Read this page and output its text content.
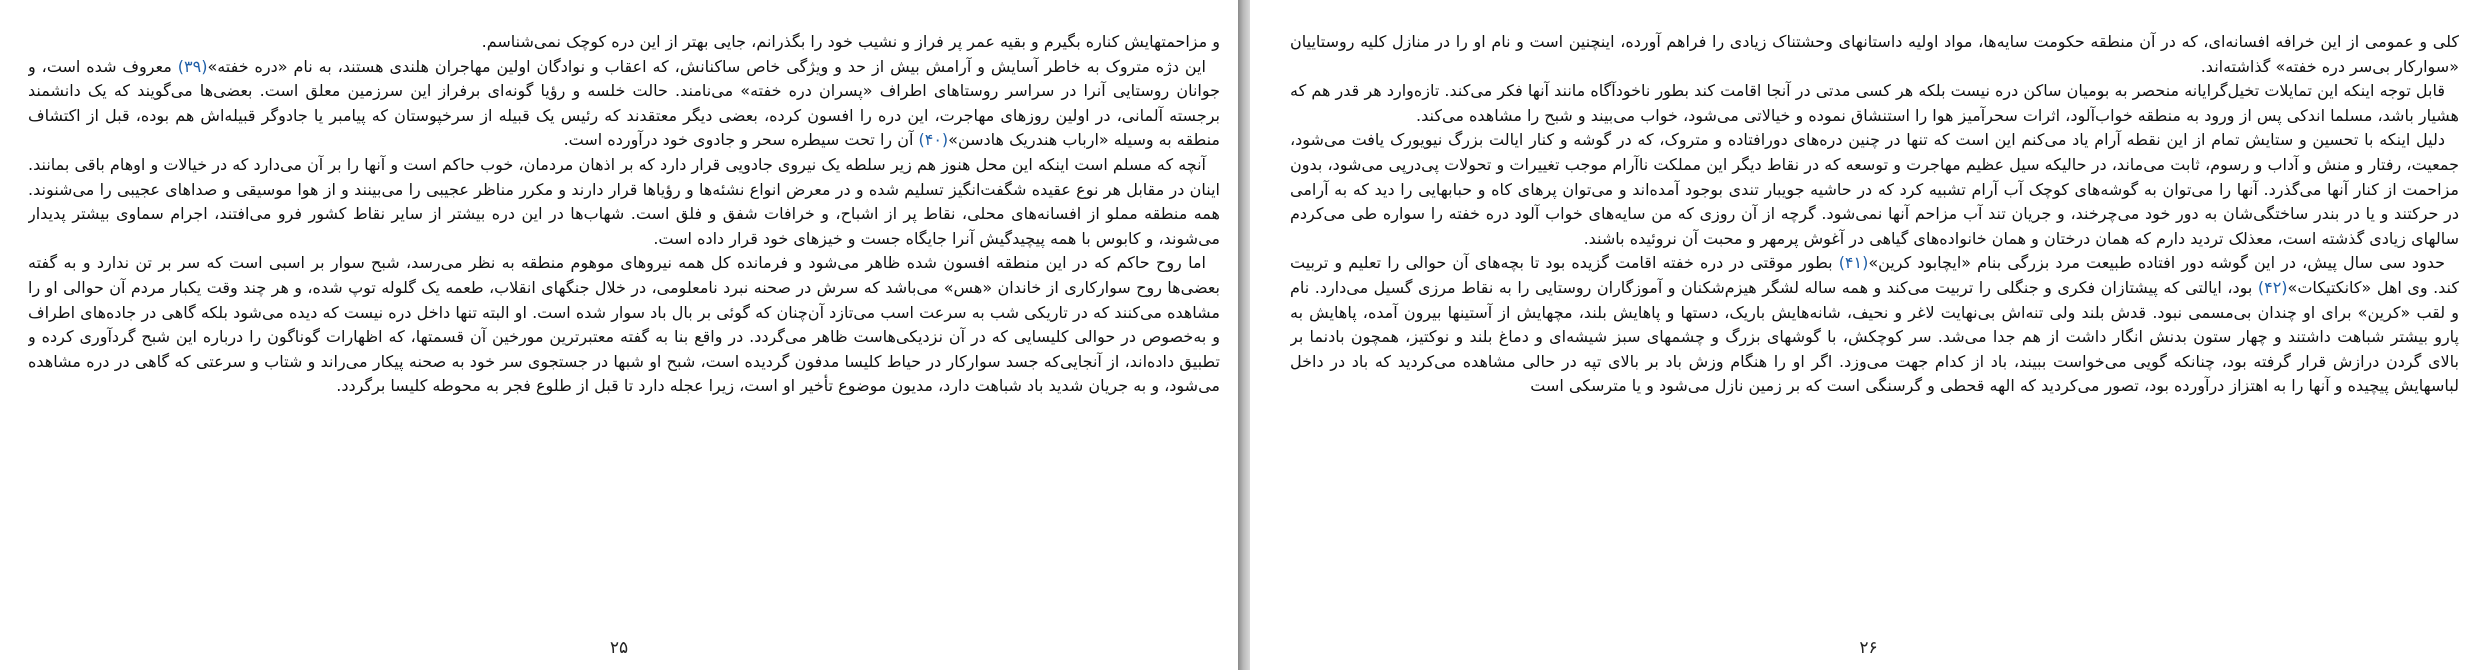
و مزاحمتهایش کناره بگیرم و بقیه عمر پر فراز و نشیب خود را بگذرانم، جایی بهتر از این دره کوچک نمی‌شناسم.

این دژه متروک به خاطر آسایش و آرامش بیش از حد و ویژگی خاص ساکنانش، که اعقاب و نوادگان اولین مهاجران هلندی هستند، به نام «دره خفته»(۳۹) معروف شده است، و جوانان روستایی آنرا در سراسر روستاهای اطراف «پسران دره خفته» می‌نامند. حالت خلسه و رؤیا گونه‌ای برفراز این سرزمین معلق است. بعضی‌ها می‌گویند که یک دانشمند برجسته آلمانی، در اولین روزهای مهاجرت، این دره را افسون کرده، بعضی دیگر معتقدند که رئیس یک قبیله از سرخپوستان که پیامبر یا جادوگر قبیله‌اش هم بوده، قبل از اکتشاف منطقه به وسیله «ارباب هندریک هادسن»(۴۰) آن را تحت سیطره سحر و جادوی خود درآورده است.

آنچه که مسلم است اینکه این محل هنوز هم زیر سلطه یک نیروی جادویی قرار دارد که بر اذهان مردمان، خوب حاکم است و آنها را بر آن می‌دارد که در خیالات و اوهام باقی بمانند. اینان در مقابل هر نوع عقیده شگفت‌انگیز تسلیم شده و در معرض انواع نشئه‌ها و رؤیاها قرار دارند و مکرر مناظر عجیبی را می‌بینند و از هوا موسیقی و صداهای عجیبی را می‌شنوند. همه منطقه مملو از افسانه‌های محلی، نقاط پر از اشباح، و خرافات شفق و فلق است. شهاب‌ها در این دره بیشتر از سایر نقاط کشور فرو می‌افتند، اجرام سماوی بیشتر پدیدار می‌شوند، و کابوس با همه پیچیدگیش آنرا جایگاه جست و خیزهای خود قرار داده است.

اما روح حاکم که در این منطقه افسون شده ظاهر می‌شود و فرمانده کل همه نیروهای موهوم منطقه به نظر می‌رسد، شبح سوار بر اسبی است که سر بر تن ندارد و به گفته بعضی‌ها روح سوارکاری از خاندان «هس» می‌باشد که سرش در صحنه نبرد نامعلومی، در خلال جنگهای انقلاب، طعمه یک گلوله توپ شده، و هر چند وقت یکبار مردم آن حوالی او را مشاهده می‌کنند که در تاریکی شب به سرعت اسب می‌تازد آن‌چنان که گوئی بر بال باد سوار شده است. او البته تنها داخل دره نیست که دیده می‌شود بلکه گاهی در جاده‌های اطراف و به‌خصوص در حوالی کلیسایی که در آن نزدیکی‌هاست ظاهر می‌گردد. در واقع بنا به گفته معتبرترین مورخین آن قسمتها، که اظهارات گوناگون را درباره این شبح گردآوری کرده و تطبیق داده‌اند، از آنجایی‌که جسد سوارکار در حیاط کلیسا مدفون گردیده است، شبح او شبها در جستجوی سر خود به صحنه پیکار می‌راند و شتاب و سرعتی که گاهی در دره مشاهده می‌شود، و به جریان شدید باد شباهت دارد، مدیون موضوع تأخیر او است، زیرا عجله دارد تا قبل از طلوع فجر به محوطه کلیسا برگردد.

۲۵

کلی و عمومی از این خرافه افسانه‌ای، که در آن منطقه حکومت سایه‌ها، مواد اولیه داستانهای وحشتناک زیادی را فراهم آورده، اینچنین است و نام او را در منازل کلیه روستاییان «سوارکار بی‌سر دره خفته» گذاشته‌اند.

قابل توجه اینکه این تمایلات تخیل‌گرایانه منحصر به بومیان ساکن دره نیست بلکه هر کسی مدتی در آنجا اقامت کند بطور ناخودآگاه مانند آنها فکر می‌کند. تازه‌وارد هر قدر هم که هشیار باشد، مسلما اندکی پس از ورود به منطقه خواب‌آلود، اثرات سحرآمیز هوا را استنشاق نموده و خیالاتی می‌شود، خواب می‌بیند و شبح را مشاهده می‌کند.

دلیل اینکه با تحسین و ستایش تمام از این نقطه آرام یاد می‌کنم این است که تنها در چنین دره‌های دورافتاده و متروک، که در گوشه و کنار ایالت بزرگ نیویورک یافت می‌شود، جمعیت، رفتار و منش و آداب و رسوم، ثابت می‌ماند، در حالیکه سیل عظیم مهاجرت و توسعه که در نقاط دیگر این مملکت ناآرام موجب تغییرات و تحولات پی‌درپی می‌شود، بدون مزاحمت از کنار آنها می‌گذرد. آنها را می‌توان به گوشه‌های کوچک آب آرام تشبیه کرد که در حاشیه جویبار تندی بوجود آمده‌اند و می‌توان پرهای کاه و حبابهایی را دید که به آرامی در حرکتند و یا در بندر ساختگی‌شان به دور خود می‌چرخند، و جریان تند آب مزاحم آنها نمی‌شود. گرچه از آن روزی که من سایه‌های خواب آلود دره خفته را سواره طی می‌کردم سالهای زیادی گذشته است، معذلک تردید دارم که همان درختان و همان خانواده‌های گیاهی در آغوش پرمهر و محبت آن نروئیده باشند.

حدود سی سال پیش، در این گوشه دور افتاده طبیعت مرد بزرگی بنام «ایچابود کرین»(۴۱) بطور موقتی در دره خفته اقامت گزیده بود تا بچه‌های آن حوالی را تعلیم و تربیت کند. وی اهل «کانکتیکات»(۴۲) بود، ایالتی که پیشتازان فکری و جنگلی را تربیت می‌کند و همه ساله لشگر هیزم‌شکنان و آموزگاران روستایی را به نقاط مرزی گسیل می‌دارد. نام و لقب «کرین» برای او چندان بی‌مسمی نبود. قدش بلند ولی تنه‌اش بی‌نهایت لاغر و نحیف، شانه‌هایش باریک، دستها و پاهایش بلند، مچهایش از آستینها بیرون آمده، پاهایش به پارو بیشتر شباهت داشتند و چهار ستون بدنش انگار داشت از هم جدا می‌شد. سر کوچکش، با گوشهای بزرگ و چشمهای سبز شیشه‌ای و دماغ بلند و نوکتیز، همچون بادنما بر بالای گردن درازش قرار گرفته بود، چنانکه گویی می‌خواست ببیند، باد از کدام جهت می‌وزد. اگر او را هنگام وزش باد بر بالای تپه در حالی مشاهده می‌کردید که باد در داخل لباسهایش پیچیده و آنها را به اهتزاز درآورده بود، تصور می‌کردید که الهه قحطی و گرسنگی است که بر زمین نازل می‌شود و یا مترسکی است

۲۶
